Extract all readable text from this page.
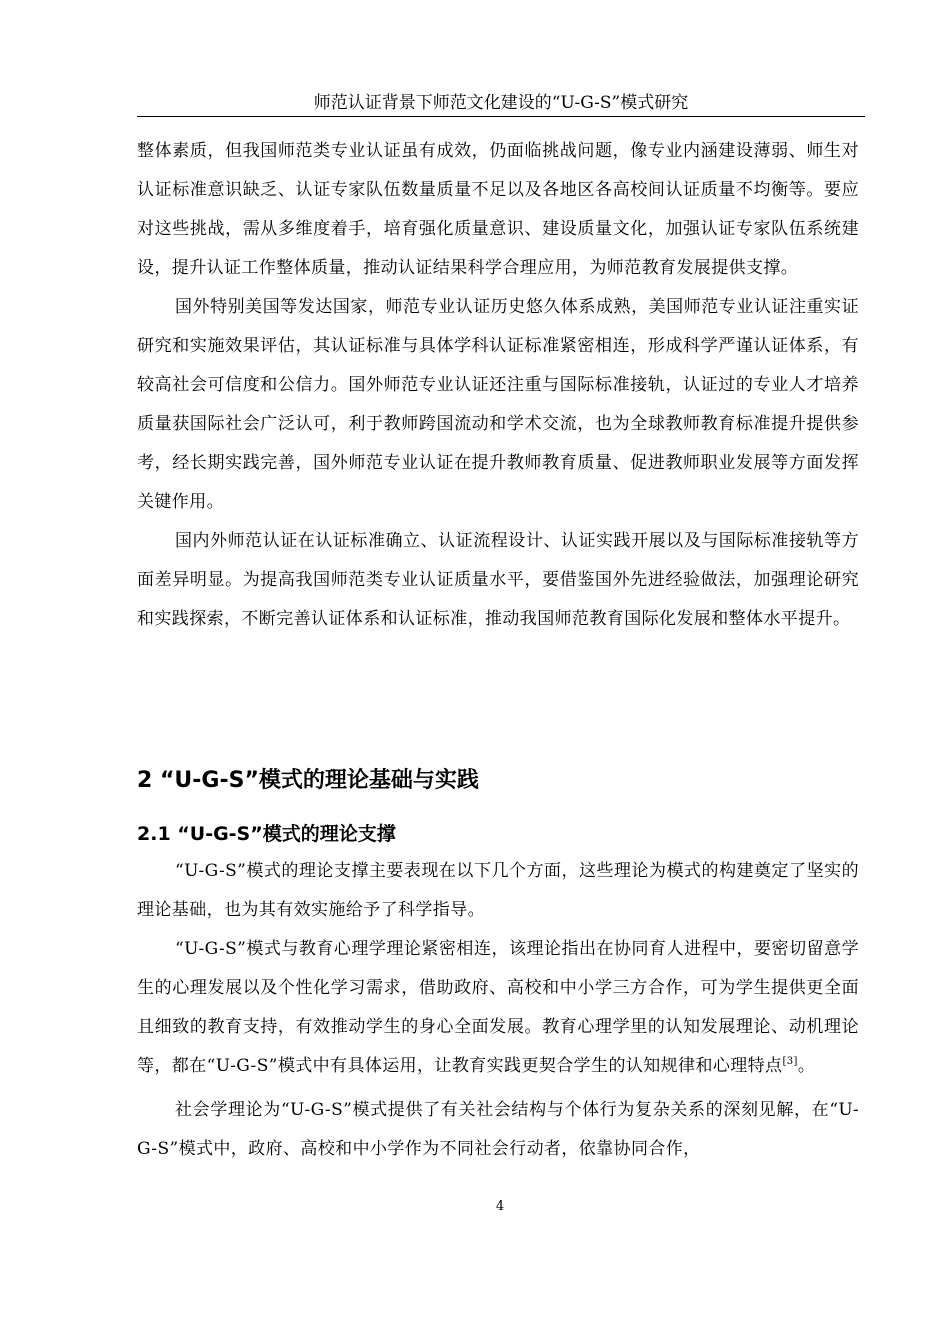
师范认证背景下师范文化建设的“U-G-S”模式研究

整体素质，但我国师范类专业认证虽有成效，仍面临挑战问题，像专业内涵建设薄弱、师生对认证标准意识缺乏、认证专家队伍数量质量不足以及各地区各高校间认证质量不均衡等。要应对这些挑战，需从多维度着手，培育强化质量意识、建设质量文化，加强认证专家队伍系统建设，提升认证工作整体质量，推动认证结果科学合理应用，为师范教育发展提供支撑。

国外特别美国等发达国家，师范专业认证历史悠久体系成熟，美国师范专业认证注重实证研究和实施效果评估，其认证标准与具体学科认证标准紧密相连，形成科学严谨认证体系，有较高社会可信度和公信力。国外师范专业认证还注重与国际标准接轨，认证过的专业人才培养质量获国际社会广泛认可，利于教师跨国流动和学术交流，也为全球教师教育标准提升提供参考，经长期实践完善，国外师范专业认证在提升教师教育质量、促进教师职业发展等方面发挥关键作用。

国内外师范认证在认证标准确立、认证流程设计、认证实践开展以及与国际标准接轨等方面差异明显。为提高我国师范类专业认证质量水平，要借鉴国外先进经验做法，加强理论研究和实践探索，不断完善认证体系和认证标准，推动我国师范教育国际化发展和整体水平提升。

2 “U-G-S”模式的理论基础与实践
2.1 “U-G-S”模式的理论支撑

“U-G-S”模式的理论支撑主要表现在以下几个方面，这些理论为模式的构建奠定了坚实的理论基础，也为其有效实施给予了科学指导。

“U-G-S”模式与教育心理学理论紧密相连，该理论指出在协同育人进程中，要密切留意学生的心理发展以及个性化学习需求，借助政府、高校和中小学三方合作，可为学生提供更全面且细致的教育支持，有效推动学生的身心全面发展。教育心理学里的认知发展理论、动机理论等，都在“U-G-S”模式中有具体运用，让教育实践更契合学生的认知规律和心理特点[3]。

社会学理论为“U-G-S”模式提供了有关社会结构与个体行为复杂关系的深刻见解，在“U-G-S”模式中，政府、高校和中小学作为不同社会行动者，依靠协同合作，

4
